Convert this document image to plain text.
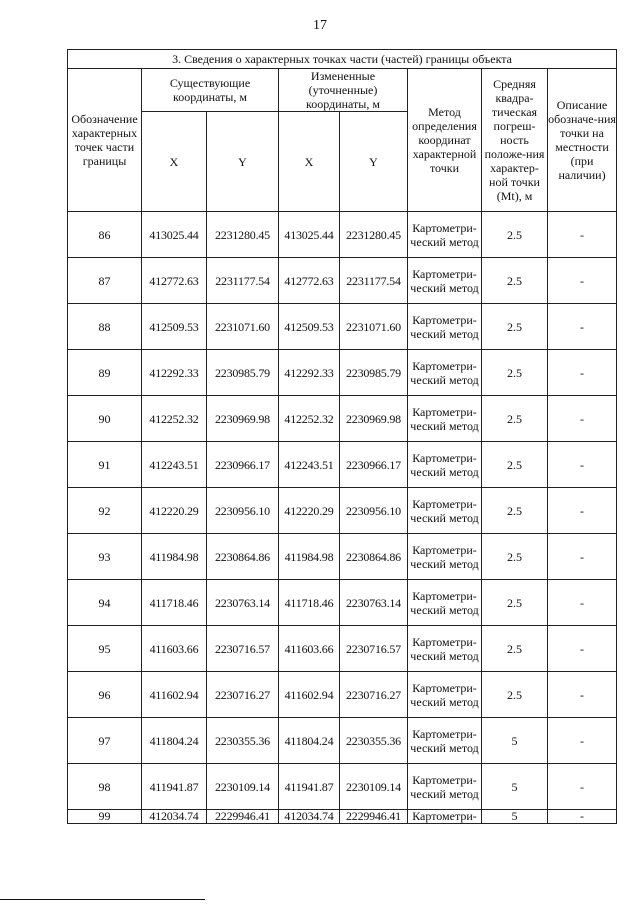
17
3. Сведения о характерных точках части (частей) границы объекта							
Обозначение характерных точек части границы	Существующие координаты, м		Измененные (уточненные) координаты, м		Метод определения координат характерной точки	Средняя квадра-тическая погреш-ность положе-ния характер-ной точки (Mt), м	Описание обозначе-ния точки на местности (при наличии)
	X	Y	X	Y			
86	413025.44	2231280.45	413025.44	2231280.45	Картометри-ческий метод	2.5	-
87	412772.63	2231177.54	412772.63	2231177.54	Картометри-ческий метод	2.5	-
88	412509.53	2231071.60	412509.53	2231071.60	Картометри-ческий метод	2.5	-
89	412292.33	2230985.79	412292.33	2230985.79	Картометри-ческий метод	2.5	-
90	412252.32	2230969.98	412252.32	2230969.98	Картометри-ческий метод	2.5	-
91	412243.51	2230966.17	412243.51	2230966.17	Картометри-ческий метод	2.5	-
92	412220.29	2230956.10	412220.29	2230956.10	Картометри-ческий метод	2.5	-
93	411984.98	2230864.86	411984.98	2230864.86	Картометри-ческий метод	2.5	-
94	411718.46	2230763.14	411718.46	2230763.14	Картометри-ческий метод	2.5	-
95	411603.66	2230716.57	411603.66	2230716.57	Картометри-ческий метод	2.5	-
96	411602.94	2230716.27	411602.94	2230716.27	Картометри-ческий метод	2.5	-
97	411804.24	2230355.36	411804.24	2230355.36	Картометри-ческий метод	5	-
98	411941.87	2230109.14	411941.87	2230109.14	Картометри-ческий метод	5	-
99	412034.74	2229946.41	412034.74	2229946.41	Картометри-	5	-
